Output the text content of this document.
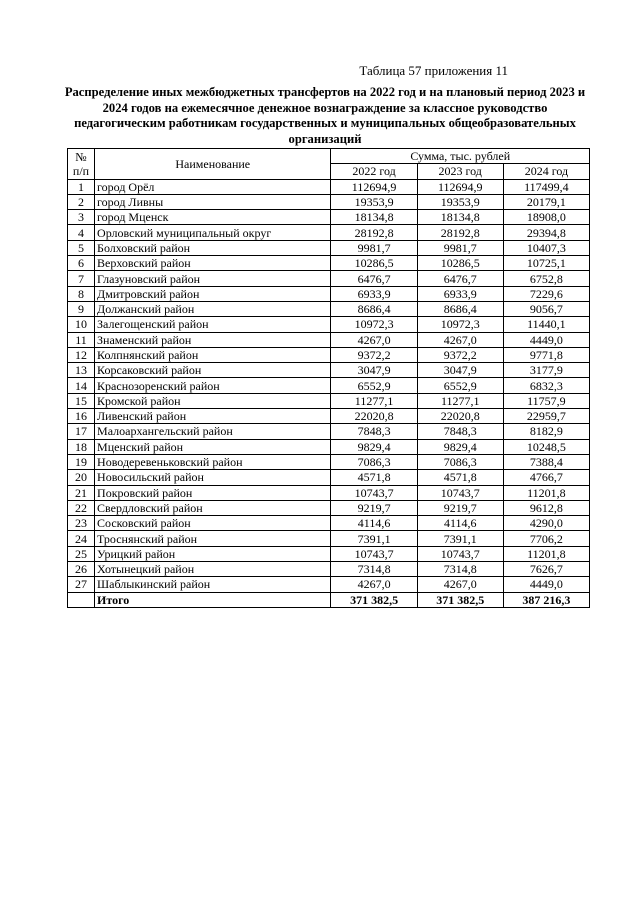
Таблица 57 приложения 11
Распределение иных межбюджетных трансфертов на 2022 год и на плановый период 2023 и 2024 годов на ежемесячное денежное вознаграждение за классное руководство педагогическим работникам государственных и муниципальных общеобразовательных организаций
№
п/п	Наименование	Сумма, тыс. рублей		
		2022 год	2023 год	2024 год
1	город Орёл	112694,9	112694,9	117499,4
2	город Ливны	19353,9	19353,9	20179,1
3	город Мценск	18134,8	18134,8	18908,0
4	Орловский муниципальный округ	28192,8	28192,8	29394,8
5	Болховский район	9981,7	9981,7	10407,3
6	Верховский район	10286,5	10286,5	10725,1
7	Глазуновский район	6476,7	6476,7	6752,8
8	Дмитровский район	6933,9	6933,9	7229,6
9	Должанский район	8686,4	8686,4	9056,7
10	Залегощенский район	10972,3	10972,3	11440,1
11	Знаменский район	4267,0	4267,0	4449,0
12	Колпнянский район	9372,2	9372,2	9771,8
13	Корсаковский район	3047,9	3047,9	3177,9
14	Краснозоренский район	6552,9	6552,9	6832,3
15	Кромской район	11277,1	11277,1	11757,9
16	Ливенский район	22020,8	22020,8	22959,7
17	Малоархангельский район	7848,3	7848,3	8182,9
18	Мценский район	9829,4	9829,4	10248,5
19	Новодеревеньковский район	7086,3	7086,3	7388,4
20	Новосильский район	4571,8	4571,8	4766,7
21	Покровский район	10743,7	10743,7	11201,8
22	Свердловский район	9219,7	9219,7	9612,8
23	Сосковский район	4114,6	4114,6	4290,0
24	Троснянский район	7391,1	7391,1	7706,2
25	Урицкий район	10743,7	10743,7	11201,8
26	Хотынецкий район	7314,8	7314,8	7626,7
27	Шаблыкинский район	4267,0	4267,0	4449,0
	Итого	371 382,5	371 382,5	387 216,3
